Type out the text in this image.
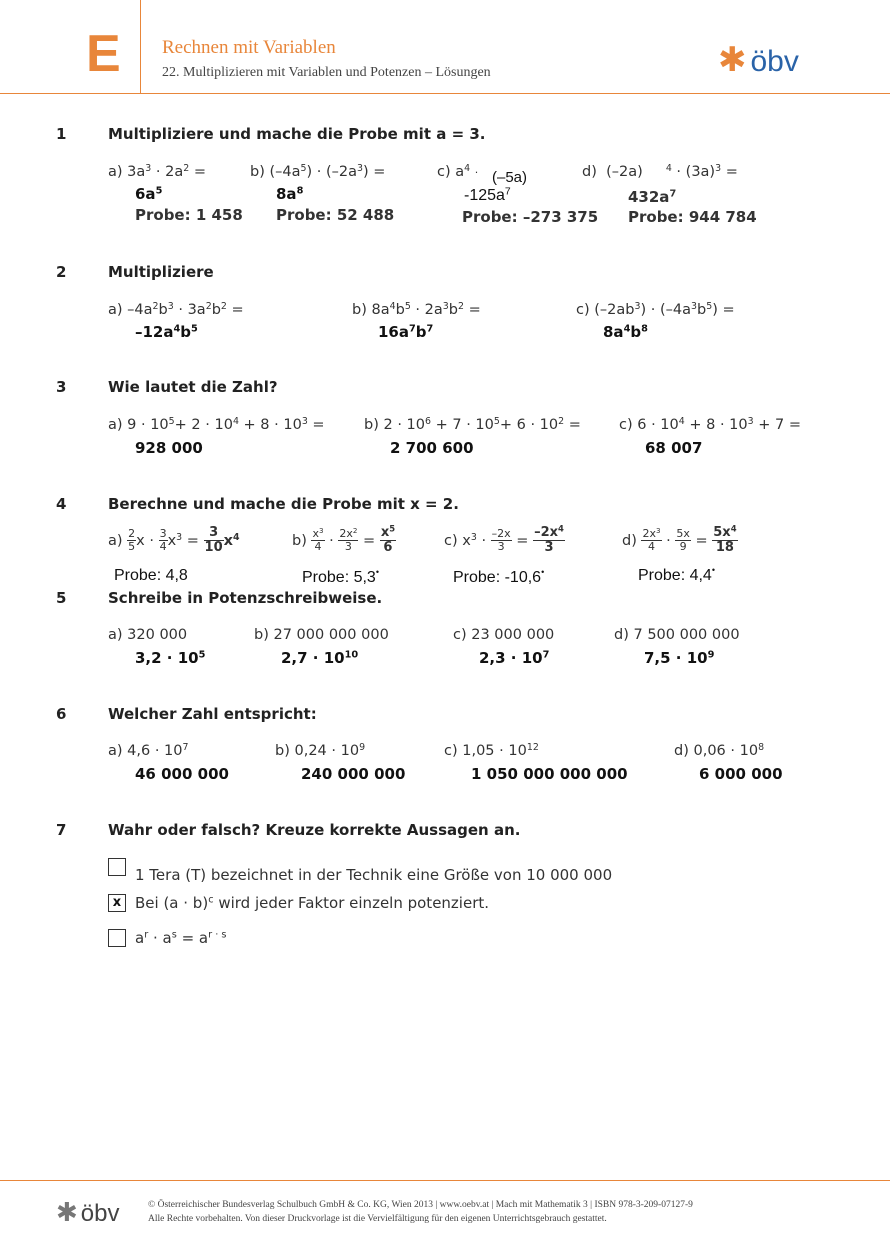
E Rechnen mit Variablen
22. Multiplizieren mit Variablen und Potenzen – Lösungen	✱ öbv
1	Multipliziere und mache die Probe mit a = 3.
a) $3a^3 \cdot 2a^2$ =
$6a^5$
Probe: 1 458
b) $(-4a^5) \cdot (-2a^3)$ =
$8a^8$
Probe: 52 488
c) $a^4 \cdot (-5a)$
$-125a^7$
Probe: –273 375
d)  (–2a)     $^4 \cdot (3a)^3$ =
$432a^7$
Probe: 944 784
2	Multipliziere
a) $-4a^2b^3 \cdot 3a^2b^2$ =
$-12a^4b^5$
b) $8a^4b^5 \cdot 2a^3b^2$ =
$16a^7b^7$
c) $(-2ab^3) \cdot (-4a^3b^5)$ =
$8a^4b^8$
3	Wie lautet die Zahl?
a) $9 \cdot 10^5+ 2 \cdot 10^4 + 8 \cdot 10^3$ =
928 000
b) $2 \cdot 10^6 + 7 \cdot 10^5+ 6 \cdot 10^2$ =
2 700 600
c) $6 \cdot 10^4 + 8 \cdot 10^3 + 7$ =
68 007
4	Berechne und mache die Probe mit x = 2.
$a) \frac{2}{5}$ $x \cdot \frac{3}{4} x^3 = \frac{3}{10} x^4$
Probe: 4,8
$b) \frac{x^3}{4} \cdot \frac{2x^2}{3} = \frac{x^5}{6}$
Probe: 5,3•
c) $x^3 \cdot \frac{-2x}{3} = \frac{-2x^4}{3}$
Probe: -10,6•
$d) \frac{2x^3}{4} \cdot \frac{5x}{9} = \frac{5x^4}{18}$
Probe: 4,4•
5	Schreibe in Potenzschreibweise.
a) 320 000
$3,2 \cdot 10^5$
b) 27 000 000 000
$2,7 \cdot 10^{10}$
c) 23 000 000
$2,3 \cdot 10^7$
d) 7 500 000 000
$7,5 \cdot 10^9$
6	Welcher Zahl entspricht:
a) $4,6 \cdot 10^7$
46 000 000
b) $0,24 \cdot 10^9$
240 000 000
c) $1,05 \cdot 10^{12}$
1 050 000 000 000
d) $0,06 \cdot 10^8$
6 000 000
7	Wahr oder falsch? Kreuze korrekte Aussagen an.
1 Tera (T) bezeichnet in der Technik eine Größe von 10 000 000
x Bei $(a \cdot b)^c$ wird jeder Faktor einzeln potenziert.
$a^r \cdot a^s = a^{r \cdot s}$
✱ öbv	© Österreichischer Bundesverlag Schulbuch GmbH & Co. KG, Wien 2013 | www.oebv.at | Mach mit Mathematik 3 | ISBN 978-3-209-07127-9
Alle Rechte vorbehalten. Von dieser Druckvorlage ist die Vervielfältigung für den eigenen Unterrichtsgebrauch gestattet.
